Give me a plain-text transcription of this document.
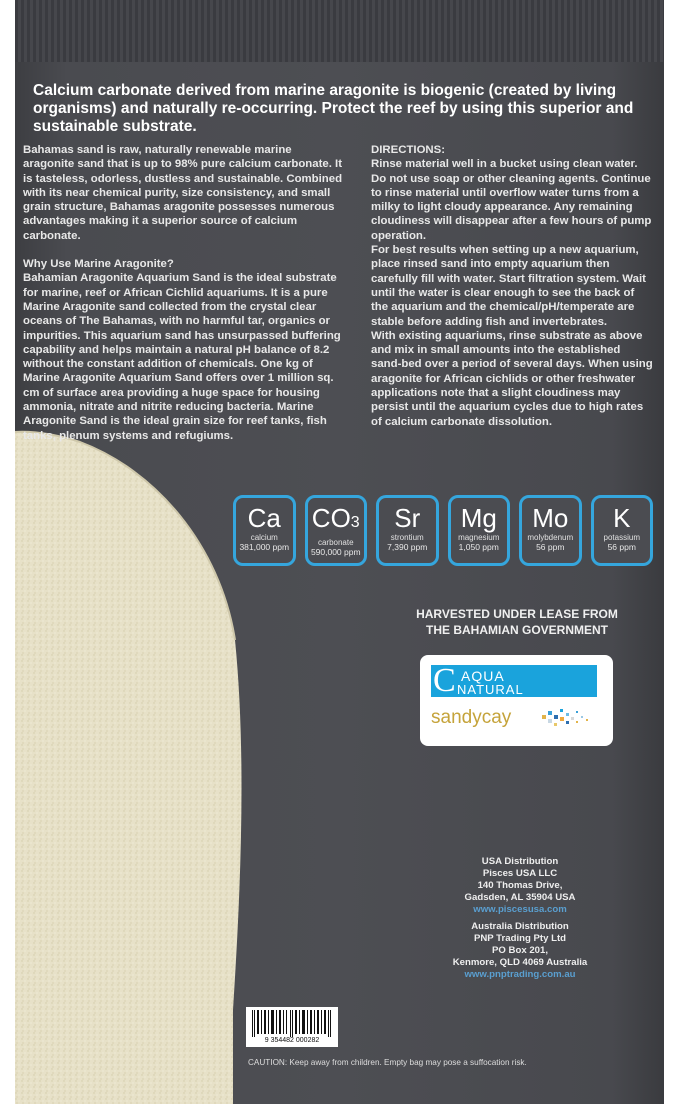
Calcium carbonate derived from marine aragonite is biogenic (created by living organisms) and naturally re-occurring. Protect the reef by using this superior and sustainable substrate.

Bahamas sand is raw, naturally renewable marine aragonite sand that is up to 98% pure calcium carbonate. It is tasteless, odorless, dustless and sustainable. Combined with its near chemical purity, size consistency, and small grain structure, Bahamas aragonite possesses numerous advantages making it a superior source of calcium carbonate.

Why Use Marine Aragonite?

Bahamian Aragonite Aquarium Sand is the ideal substrate for marine, reef or African Cichlid aquariums. It is a pure Marine Aragonite sand collected from the crystal clear oceans of The Bahamas, with no harmful tar, organics or impurities. This aquarium sand has unsurpassed buffering capability and helps maintain a natural pH balance of 8.2 without the constant addition of chemicals. One kg of Marine Aragonite Aquarium Sand offers over 1 million sq. cm of surface area providing a huge space for housing ammonia, nitrate and nitrite reducing bacteria. Marine Aragonite Sand is the ideal grain size for reef tanks, fish tanks, plenum systems and refugiums.

DIRECTIONS:

Rinse material well in a bucket using clean water. Do not use soap or other cleaning agents. Continue to rinse material until overflow water turns from a milky to light cloudy appearance. Any remaining cloudiness will disappear after a few hours of pump operation.

For best results when setting up a new aquarium, place rinsed sand into empty aquarium then carefully fill with water. Start filtration system. Wait until the water is clear enough to see the back of the aquarium and the chemical/pH/temperate are stable before adding fish and invertebrates.

With existing aquariums, rinse substrate as above and mix in small amounts into the established sand-bed over a period of several days. When using aragonite for African cichlids or other freshwater applications note that a slight cloudiness may persist until the aquarium cycles due to high rates of calcium carbonate dissolution.

Ca
calcium
381,000 ppm
CO3
carbonate
590,000 ppm
Sr
strontium
7,390 ppm
Mg
magnesium
1,050 ppm
Mo
molybdenum
56 ppm
K
potassium
56 ppm
HARVESTED UNDER LEASE FROM
THE BAHAMIAN GOVERNMENT
C AQUA
NATURAL
sandycay
USA Distribution
Pisces USA LLC
140 Thomas Drive,
Gadsden, AL 35904 USA
www.piscesusa.com
Australia Distribution
PNP Trading Pty Ltd
PO Box 201,
Kenmore, QLD 4069 Australia
www.pnptrading.com.au
9 354482 000282
CAUTION: Keep away from children. Empty bag may pose a suffocation risk.
